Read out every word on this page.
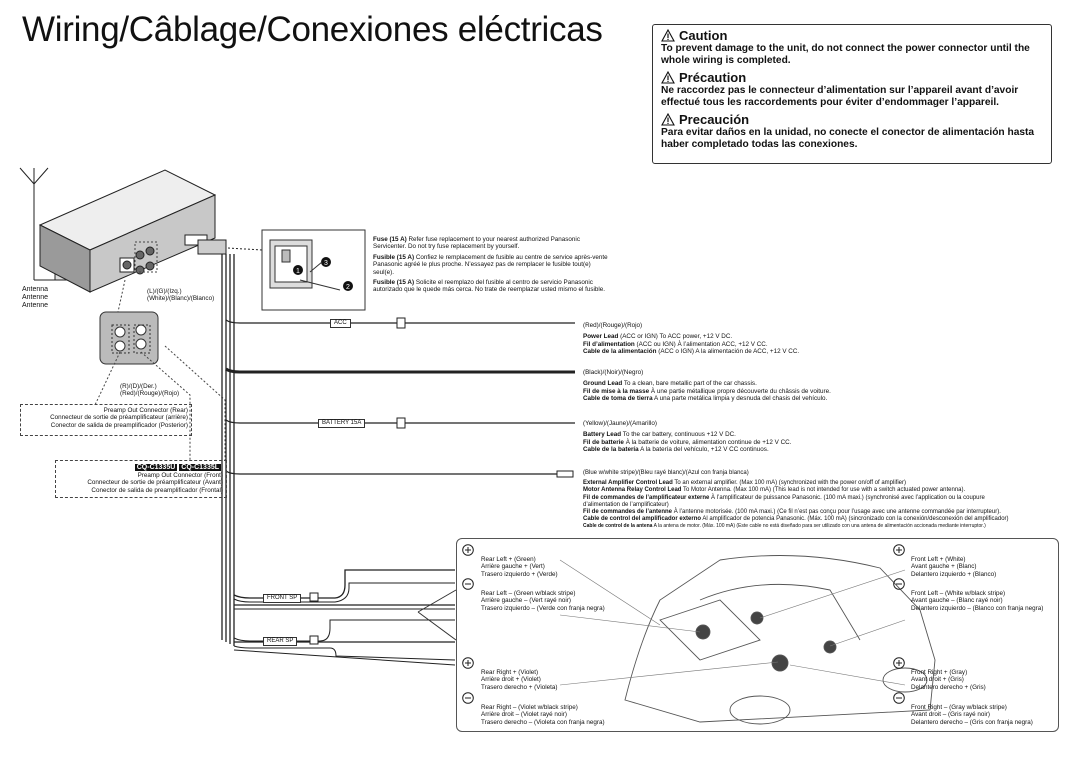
Wiring/Câblage/Conexiones eléctricas	Caution
To prevent damage to the unit, do not connect the power connector until the whole wiring is completed.
Précaution
Ne raccordez pas le connecteur d’alimentation sur l’appareil avant d’avoir effectué tous les raccordements pour éviter d’endommager l’appareil.
Precaución
Para evitar daños en la unidad, no conecte el conector de alimentación hasta haber completado todas las conexiones.
1
3
2
Antenna
Antenne
Antenne
(L)/(G)/(Izq.)
(White)/(Blanc)/(Blanco)
(R)/(D)/(Der.)
(Red)/(Rouge)/(Rojo)
Preamp Out Connector (Rear)
Connecteur de sortie de préamplificateur (arrière)
Conector de salida de preamplificador (Posterior)
CQ-C1335U CQ-C1335L
Preamp Out Connector (Front)
Connecteur de sortie de préamplificateur (Avant)
Conector de salida de preamplificador (Frontal)
Fuse (15 A) Refer fuse replacement to your nearest authorized Panasonic Servicenter. Do not try fuse replacement by yourself.
Fusible (15 A) Confiez le remplacement de fusible au centre de service après-vente Panasonic agréé le plus proche. N’essayez pas de remplacer le fusible tout(e) seul(e).
Fusible (15 A) Solicite el reemplazo del fusible al centro de servicio Panasonic autorizado que le quede más cerca. No trate de reemplazar usted mismo el fusible.
ACC
BATTERY 15A
FRONT SP
REAR SP
(Red)/(Rouge)/(Rojo)
Power Lead (ACC or IGN) To ACC power, +12 V DC.
Fil d’alimentation (ACC ou IGN) À l’alimentation ACC, +12 V CC.
Cable de la alimentación (ACC o IGN) A la alimentación de ACC, +12 V CC.
(Black)/(Noir)/(Negro)
Ground Lead To a clean, bare metallic part of the car chassis.
Fil de mise à la masse À une partie métallique propre découverte du châssis de voiture.
Cable de toma de tierra A una parte metálica limpia y desnuda del chasis del vehículo.
(Yellow)/(Jaune)/(Amarillo)
Battery Lead To the car battery, continuous +12 V DC.
Fil de batterie À la batterie de voiture, alimentation continue de +12 V CC.
Cable de la batería A la batería del vehículo, +12 V CC continuos.
(Blue w/white stripe)/(Bleu rayé blanc)/(Azul con franja blanca)
External Amplifier Control Lead To an external amplifier. (Max 100 mA) (synchronized with the power on/off of amplifier)
Motor Antenna Relay Control Lead To Motor Antenna. (Max 100 mA) (This lead is not intended for use with a switch actuated power antenna).
Fil de commandes de l’amplificateur externe À l’amplificateur de puissance Panasonic. (100 mA maxi.) (synchronisé avec l’application ou la coupure
d’alimentation de l’amplificateur)
Fil de commandes de l’antenne À l’antenne motorisée. (100 mA maxi.) (Ce fil n’est pas conçu pour l’usage avec une antenne commandée par interrupteur).
Cable de control del amplificador externo Al amplificador de potencia Panasonic. (Máx. 100 mA) (sincronizado con la conexión/desconexión del amplificador)
Cable de control de la antena A la antena de motor. (Máx. 100 mA) (Este cable no está diseñado para ser utilizado con una antena de alimentación accionada mediante interruptor.)
Rear Left + (Green)
Arrière gauche + (Vert)
Trasero izquierdo + (Verde)
Rear Left – (Green w/black stripe)
Arrière gauche – (Vert rayé noir)
Trasero izquierdo – (Verde con franja negra)
Rear Right + (Violet)
Arrière droit + (Violet)
Trasero derecho + (Violeta)
Rear Right – (Violet w/black stripe)
Arrière droit – (Violet rayé noir)
Trasero derecho – (Violeta con franja negra)
Front Left + (White)
Avant gauche + (Blanc)
Delantero izquierdo + (Blanco)
Front Left – (White w/black stripe)
Avant gauche – (Blanc rayé noir)
Delantero izquierdo – (Blanco con franja negra)
Front Right + (Gray)
Avant droit + (Gris)
Delantero derecho + (Gris)
Front Right – (Gray w/black stripe)
Avant droit – (Gris rayé noir)
Delantero derecho – (Gris con franja negra)
